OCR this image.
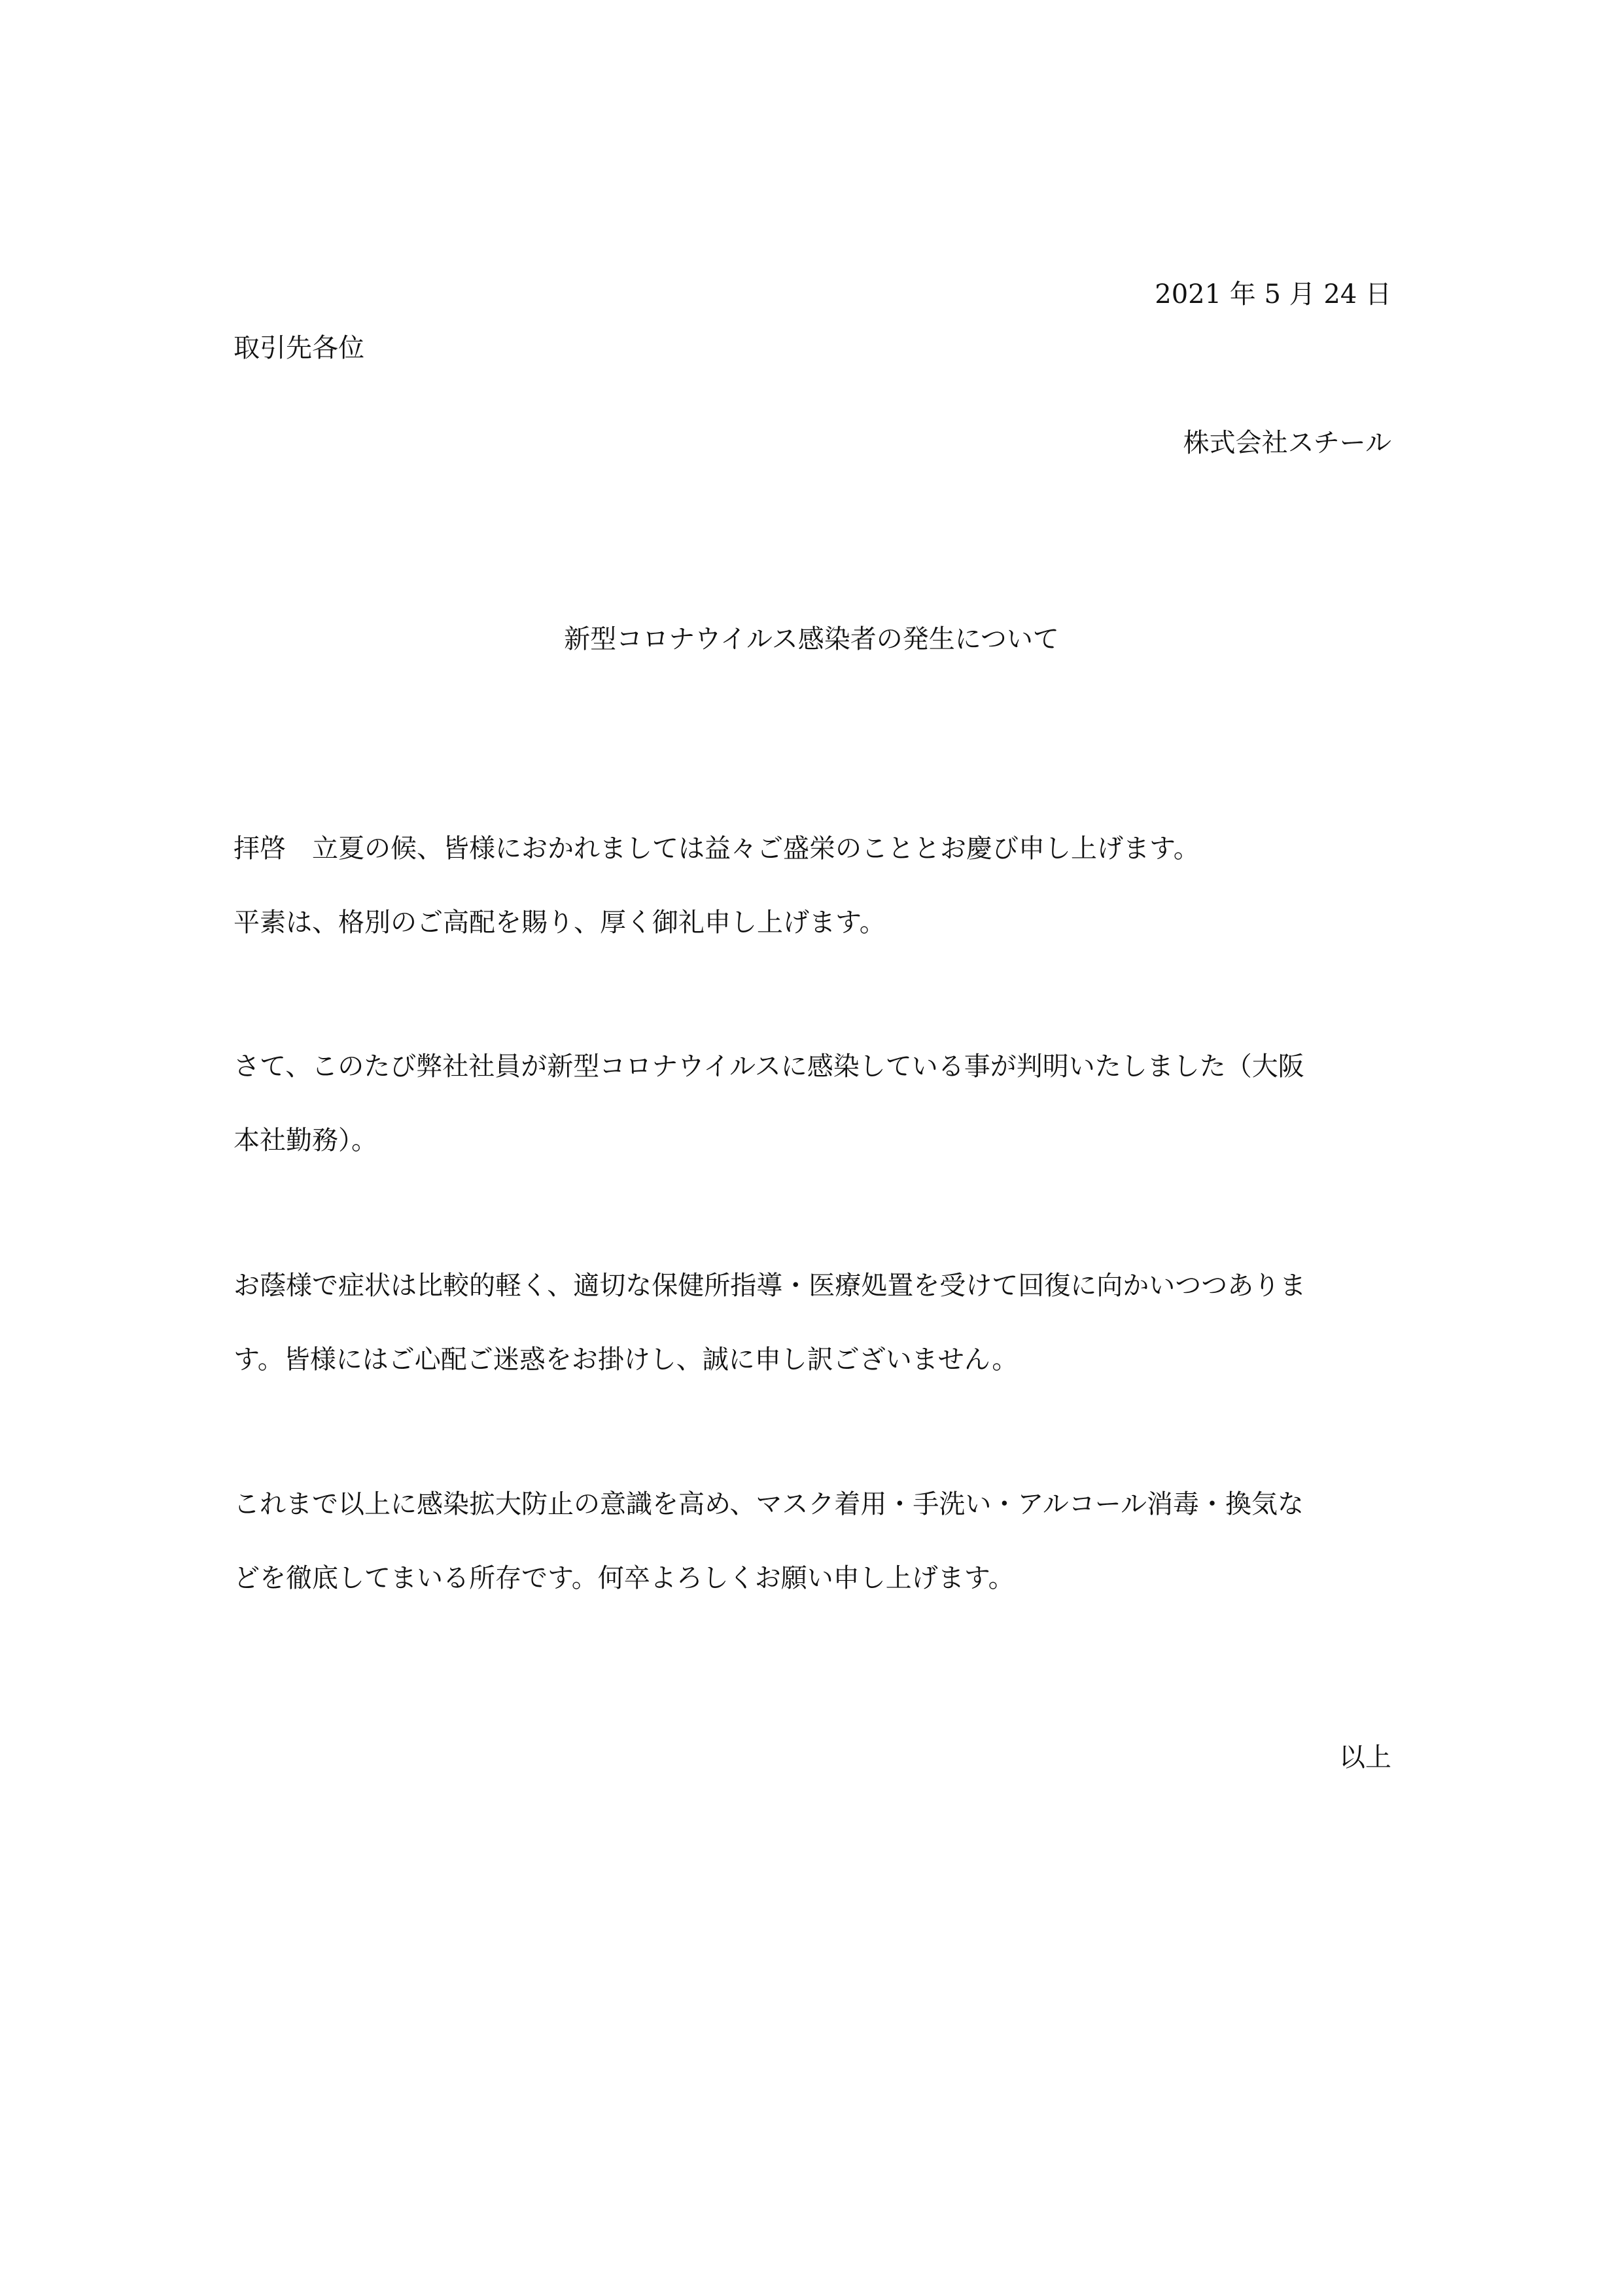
2021 年 5 月 24 日
取引先各位
株式会社スチール
新型コロナウイルス感染者の発生について
拝啓　立夏の候、皆様におかれましては益々ご盛栄のこととお慶び申し上げます。
平素は、格別のご高配を賜り、厚く御礼申し上げます。
さて、このたび弊社社員が新型コロナウイルスに感染している事が判明いたしました（大阪
本社勤務）。
お蔭様で症状は比較的軽く、適切な保健所指導・医療処置を受けて回復に向かいつつありま
す。皆様にはご心配ご迷惑をお掛けし、誠に申し訳ございません。
これまで以上に感染拡大防止の意識を高め、マスク着用・手洗い・アルコール消毒・換気な
どを徹底してまいる所存です。何卒よろしくお願い申し上げます。
以上
